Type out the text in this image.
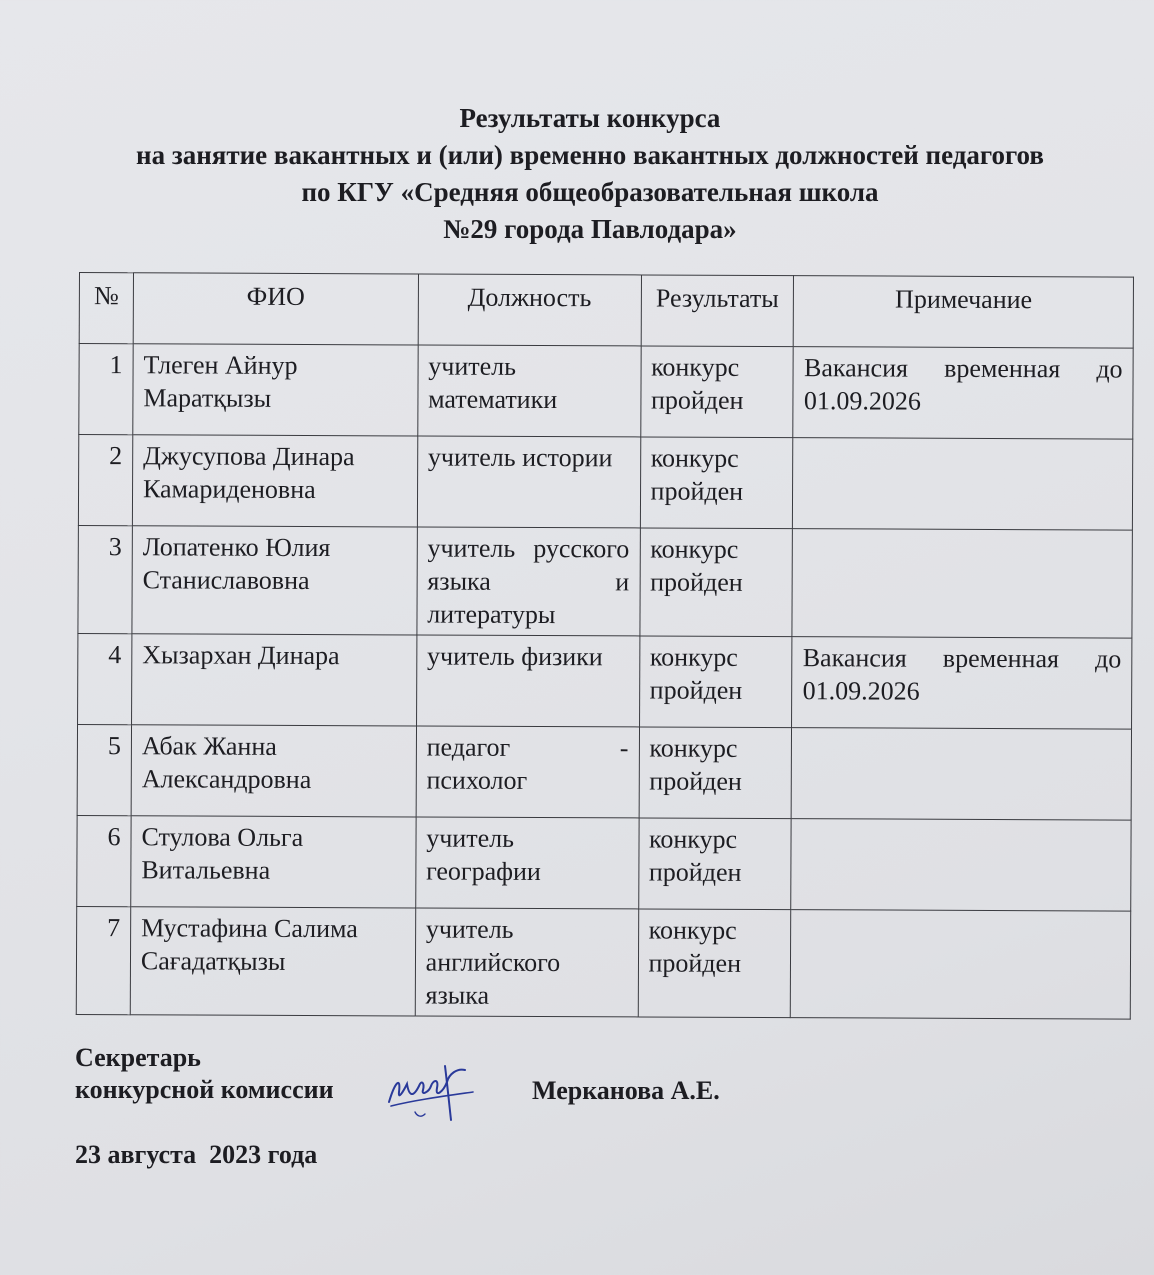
Результаты конкурса
на занятие вакантных и (или) временно вакантных должностей педагогов
по КГУ «Средняя общеобразовательная школа
№29 города Павлодара»
№	ФИО	Должность	Результаты	Примечание
1	Тлеген Айнур Маратқызы	учитель математики	конкурс пройден	Вакансия временная до 01.09.2026
2	Джусупова Динара Камариденовна	учитель истории	конкурс пройден	
3	Лопатенко Юлия Станиславовна	учитель русского языка и литературы	конкурс пройден	
4	Хызархан Динара	учитель физики	конкурс пройден	Вакансия временная до 01.09.2026
5	Абак Жанна Александровна	педагог - психолог	конкурс пройден	
6	Стулова Ольга Витальевна	учитель географии	конкурс пройден	
7	Мустафина Салима Сағадатқызы	учитель английского языка	конкурс пройден	
Секретарь
конкурсной комиссии	Мерканова А.Е.
23 августа  2023 года
